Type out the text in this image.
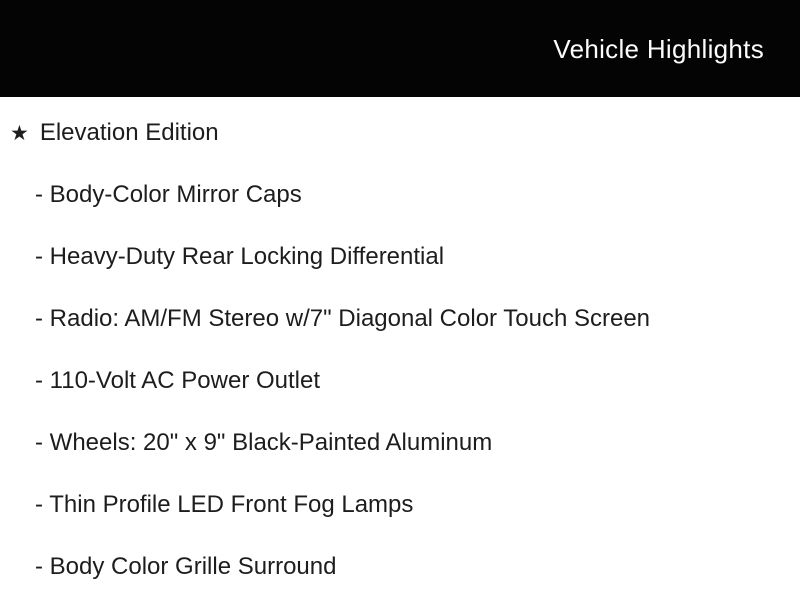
Vehicle Highlights
★ Elevation Edition
- Body-Color Mirror Caps
- Heavy-Duty Rear Locking Differential
- Radio: AM/FM Stereo w/7" Diagonal Color Touch Screen
- 110-Volt AC Power Outlet
- Wheels: 20" x 9" Black-Painted Aluminum
- Thin Profile LED Front Fog Lamps
- Body Color Grille Surround
